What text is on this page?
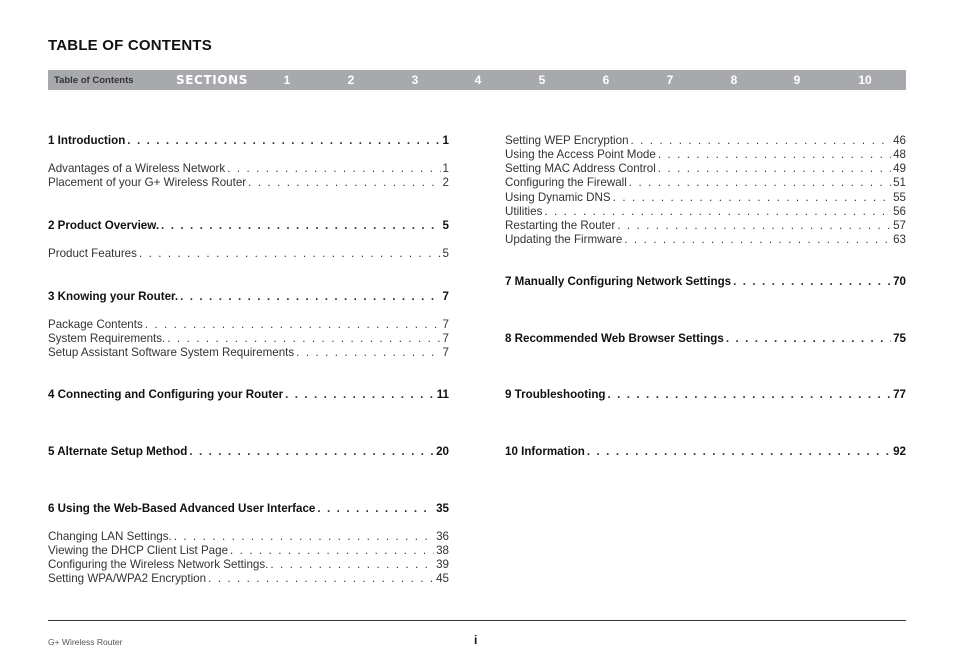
TABLE OF CONTENTS
Table of Contents	SECTIONS	1	2	3	4	5	6	7	8	9	10
1 Introduction . . .	1
Advantages of a Wireless Network . . .	1
Placement of your G+ Wireless Router . . .	2
2 Product Overview. . . .	5
Product Features . . .	5
3 Knowing your Router. . . .	7
Package Contents . . .	7
System Requirements. . . .	7
Setup Assistant Software System Requirements . . .	7
4 Connecting and Configuring your Router . . .	11
5 Alternate Setup Method . . .	20
6 Using the Web-Based Advanced User Interface . . .	35
Changing LAN Settings. . . .	36
Viewing the DHCP Client List Page . . .	38
Configuring the Wireless Network Settings. . . .	39
Setting WPA/WPA2 Encryption . . .	45
Setting WEP Encryption . . .	46
Using the Access Point Mode . . .	48
Setting MAC Address Control . . .	49
Configuring the Firewall . . .	51
Using Dynamic DNS . . .	55
Utilities . . .	56
Restarting the Router . . .	57
Updating the Firmware . . .	63
7 Manually Configuring Network Settings . . .	70
8 Recommended Web Browser Settings . . .	75
9 Troubleshooting . . .	77
10 Information . . .	92
G+ Wireless Router	i
